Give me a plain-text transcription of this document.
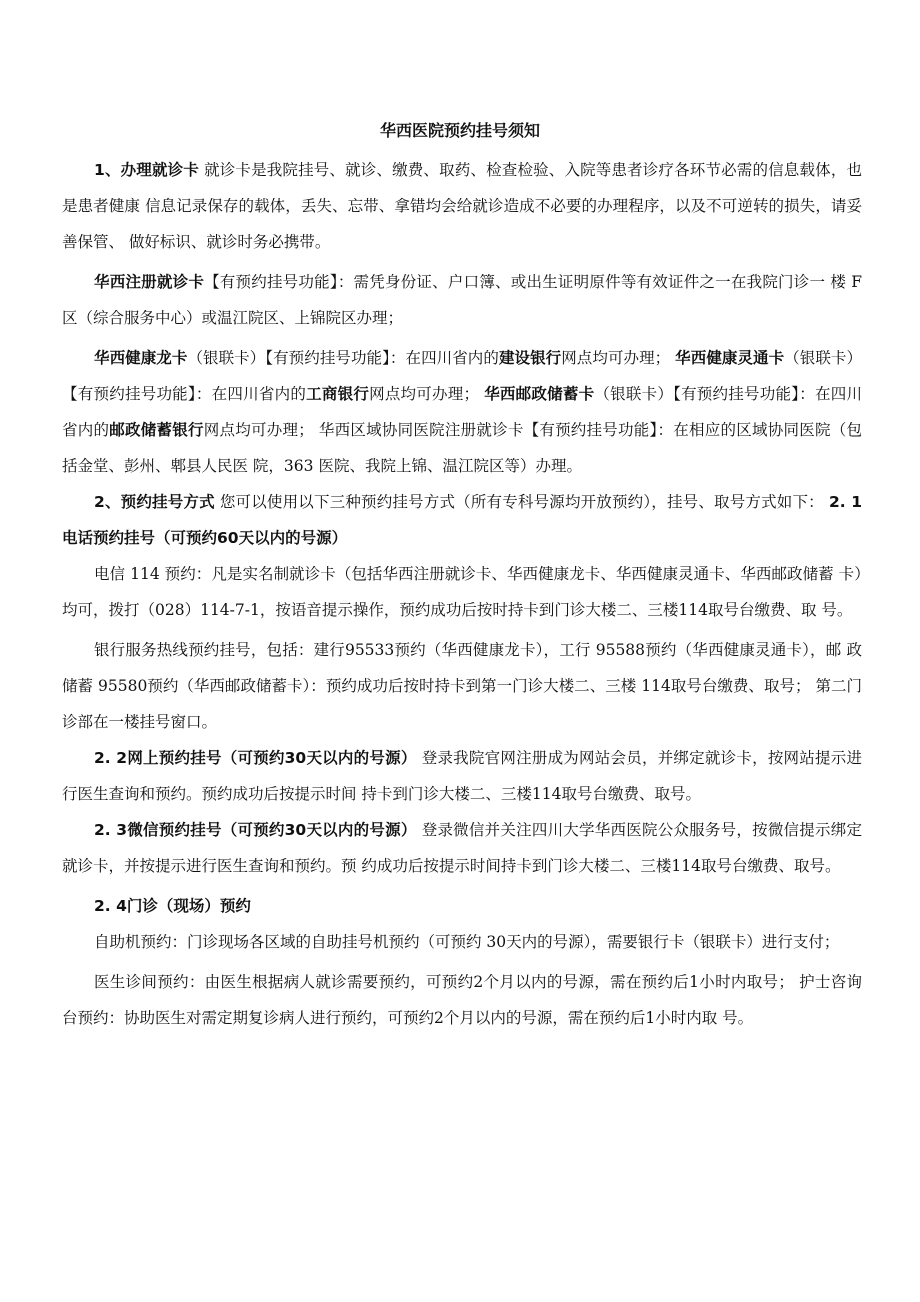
华西医院预约挂号须知

1、办理就诊卡 就诊卡是我院挂号、就诊、缴费、取药、检查检验、入院等患者诊疗各环节必需的信息载体，也是患者健康 信息记录保存的载体，丢失、忘带、拿错均会给就诊造成不必要的办理程序，以及不可逆转的损失，请妥善保管、 做好标识、就诊时务必携带。

华西注册就诊卡【有预约挂号功能】：需凭身份证、户口簿、或出生证明原件等有效证件之一在我院门诊一 楼 F 区（综合服务中心）或温江院区、上锦院区办理；

华西健康龙卡（银联卡）【有预约挂号功能】：在四川省内的建设银行网点均可办理； 华西健康灵通卡（银联卡）【有预约挂号功能】：在四川省内的工商银行网点均可办理； 华西邮政储蓄卡（银联卡）【有预约挂号功能】：在四川省内的邮政储蓄银行网点均可办理； 华西区域协同医院注册就诊卡【有预约挂号功能】：在相应的区域协同医院（包括金堂、彭州、郫县人民医 院，363 医院、我院上锦、温江院区等）办理。

2、预约挂号方式 您可以使用以下三种预约挂号方式（所有专科号源均开放预约），挂号、取号方式如下： 2. 1电话预约挂号（可预约60天以内的号源）

电信 114 预约：凡是实名制就诊卡（包括华西注册就诊卡、华西健康龙卡、华西健康灵通卡、华西邮政储蓄 卡）均可，拨打（028）114-7-1，按语音提示操作，预约成功后按时持卡到门诊大楼二、三楼114取号台缴费、取 号。

银行服务热线预约挂号，包括：建行95533预约（华西健康龙卡），工行 95588预约（华西健康灵通卡），邮 政储蓄 95580预约（华西邮政储蓄卡）：预约成功后按时持卡到第一门诊大楼二、三楼 114取号台缴费、取号； 第二门诊部在一楼挂号窗口。

2. 2网上预约挂号（可预约30天以内的号源） 登录我院官网注册成为网站会员，并绑定就诊卡，按网站提示进行医生查询和预约。预约成功后按提示时间 持卡到门诊大楼二、三楼114取号台缴费、取号。

2. 3微信预约挂号（可预约30天以内的号源） 登录微信并关注四川大学华西医院公众服务号，按微信提示绑定就诊卡，并按提示进行医生查询和预约。预 约成功后按提示时间持卡到门诊大楼二、三楼114取号台缴费、取号。

2. 4门诊（现场）预约

自助机预约：门诊现场各区域的自助挂号机预约（可预约 30天内的号源），需要银行卡（银联卡）进行支付；

医生诊间预约：由医生根据病人就诊需要预约，可预约2个月以内的号源，需在预约后1小时内取号； 护士咨询台预约：协助医生对需定期复诊病人进行预约，可预约2个月以内的号源，需在预约后1小时内取 号。
